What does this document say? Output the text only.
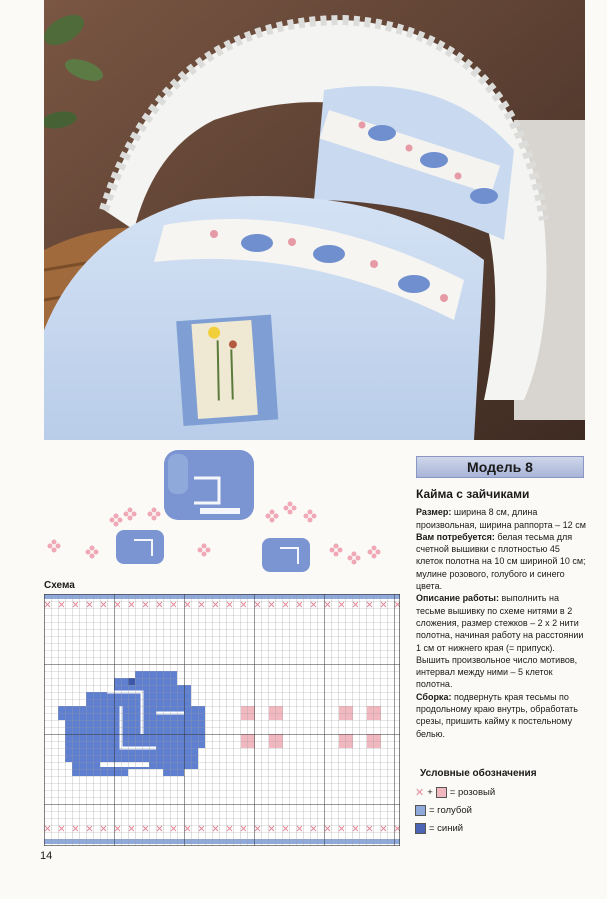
Схема
Модель 8
Кайма с зайчиками

Размер: ширина 8 см, длина произвольная, ширина раппорта – 12 см

Вам потребуется: белая тесьма для счетной вышивки с плотностью 45 клеток полотна на 10 см шириной 10 см; мулине розового, голубого и синего цвета.

Описание работы: выполнить на тесьме вышивку по схеме нитями в 2 сложения, размер стежков – 2 х 2 нити полотна, начиная работу на расстоянии 1 см от нижнего края (= припуск). Вышить произвольное число мотивов, интервал между ними – 5 клеток полотна.

Сборка: подвернуть края тесьмы по продольному краю внутрь, обработать срезы, пришить кайму к постельному белью.

Условные обозначения
✕ + = розовый
= голубой
= синий
14
